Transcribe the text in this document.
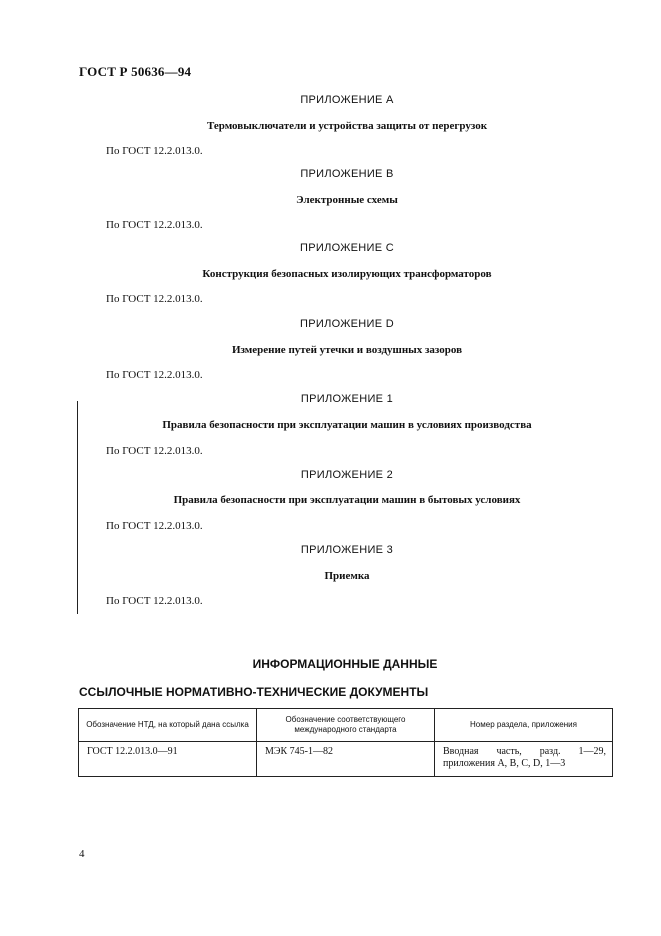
ГОСТ Р 50636—94
ПРИЛОЖЕНИЕ A
Термовыключатели и устройства защиты от перегрузок
По ГОСТ 12.2.013.0.
ПРИЛОЖЕНИЕ B
Электронные схемы
По ГОСТ 12.2.013.0.
ПРИЛОЖЕНИЕ C
Конструкция безопасных изолирующих трансформаторов
По ГОСТ 12.2.013.0.
ПРИЛОЖЕНИЕ D
Измерение путей утечки и воздушных зазоров
По ГОСТ 12.2.013.0.
ПРИЛОЖЕНИЕ 1
Правила безопасности при эксплуатации машин в условиях производства
По ГОСТ 12.2.013.0.
ПРИЛОЖЕНИЕ 2
Правила безопасности при эксплуатации машин в бытовых условиях
По ГОСТ 12.2.013.0.
ПРИЛОЖЕНИЕ 3
Приемка
По ГОСТ 12.2.013.0.
ИНФОРМАЦИОННЫЕ ДАННЫЕ
ССЫЛОЧНЫЕ НОРМАТИВНО-ТЕХНИЧЕСКИЕ ДОКУМЕНТЫ
Обозначение НТД, на который дана ссылка	Обозначение соответствующего международного стандарта	Номер раздела, приложения
ГОСТ 12.2.013.0—91	МЭК 745-1—82	Вводная часть, разд. 1—29, приложения А, В, С, D, 1—3
4
